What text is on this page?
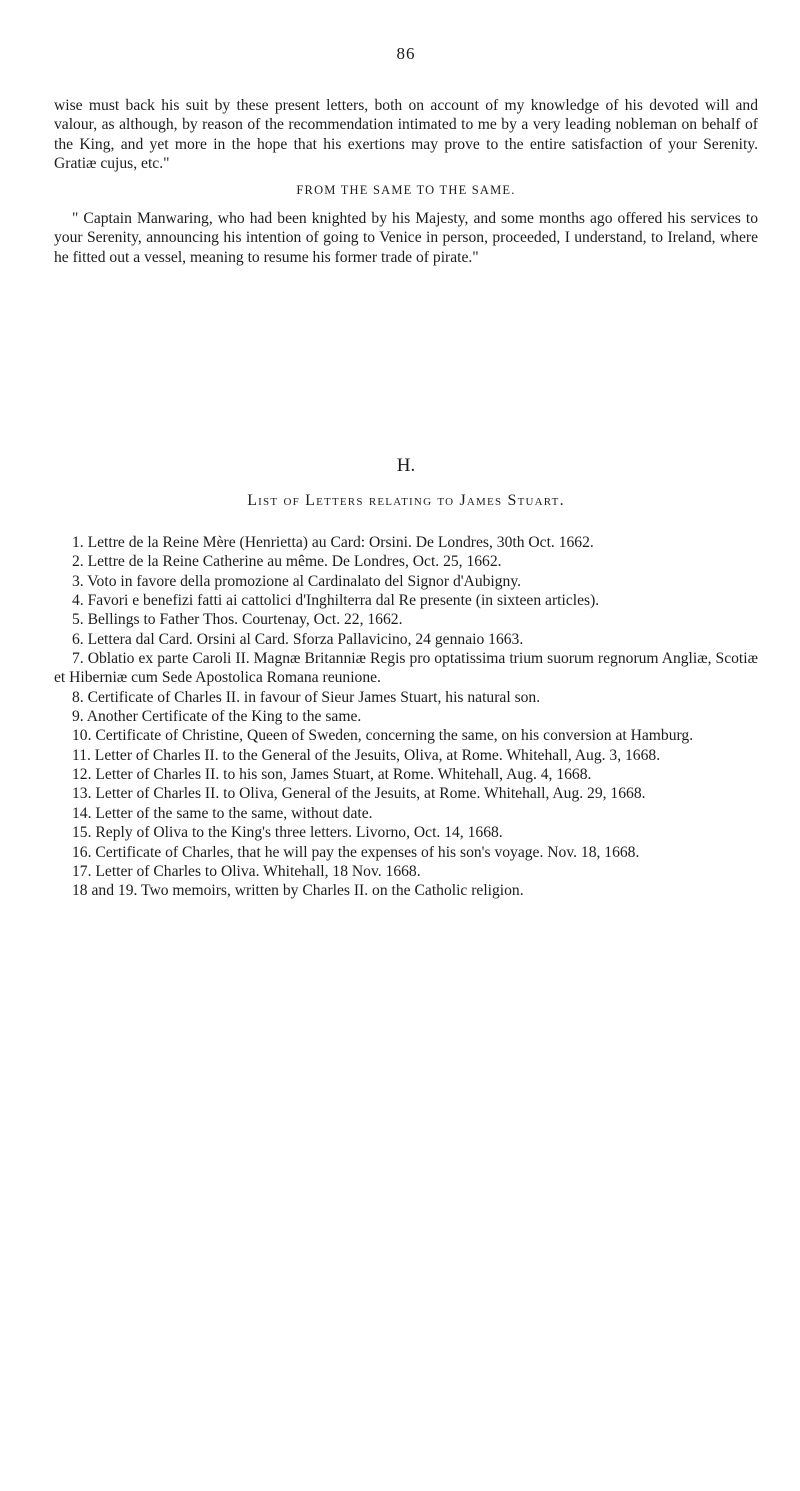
86

wise must back his suit by these present letters, both on account of my knowledge of his devoted will and valour, as although, by reason of the recommendation intimated to me by a very leading nobleman on behalf of the King, and yet more in the hope that his exertions may prove to the entire satisfaction of your Serenity. Gratiæ cujus, etc."

FROM THE SAME TO THE SAME.

" Captain Manwaring, who had been knighted by his Majesty, and some months ago offered his services to your Serenity, announcing his intention of going to Venice in person, proceeded, I understand, to Ireland, where he fitted out a vessel, meaning to resume his former trade of pirate."

H.
List of Letters relating to James Stuart.
1. Lettre de la Reine Mère (Henrietta) au Card: Orsini. De Londres, 30th Oct. 1662.
2. Lettre de la Reine Catherine au même. De Londres, Oct. 25, 1662.
3. Voto in favore della promozione al Cardinalato del Signor d'Aubigny.
4. Favori e benefizi fatti ai cattolici d'Inghilterra dal Re presente (in sixteen articles).
5. Bellings to Father Thos. Courtenay, Oct. 22, 1662.
6. Lettera dal Card. Orsini al Card. Sforza Pallavicino, 24 gennaio 1663.
7. Oblatio ex parte Caroli II. Magnæ Britanniæ Regis pro optatissima trium suorum regnorum Angliæ, Scotiæ et Hiberniæ cum Sede Apostolica Romana reunione.
8. Certificate of Charles II. in favour of Sieur James Stuart, his natural son.
9. Another Certificate of the King to the same.
10. Certificate of Christine, Queen of Sweden, concerning the same, on his conversion at Hamburg.
11. Letter of Charles II. to the General of the Jesuits, Oliva, at Rome. Whitehall, Aug. 3, 1668.
12. Letter of Charles II. to his son, James Stuart, at Rome. Whitehall, Aug. 4, 1668.
13. Letter of Charles II. to Oliva, General of the Jesuits, at Rome. Whitehall, Aug. 29, 1668.
14. Letter of the same to the same, without date.
15. Reply of Oliva to the King's three letters. Livorno, Oct. 14, 1668.
16. Certificate of Charles, that he will pay the expenses of his son's voyage. Nov. 18, 1668.
17. Letter of Charles to Oliva. Whitehall, 18 Nov. 1668.
18 and 19. Two memoirs, written by Charles II. on the Catholic religion.
